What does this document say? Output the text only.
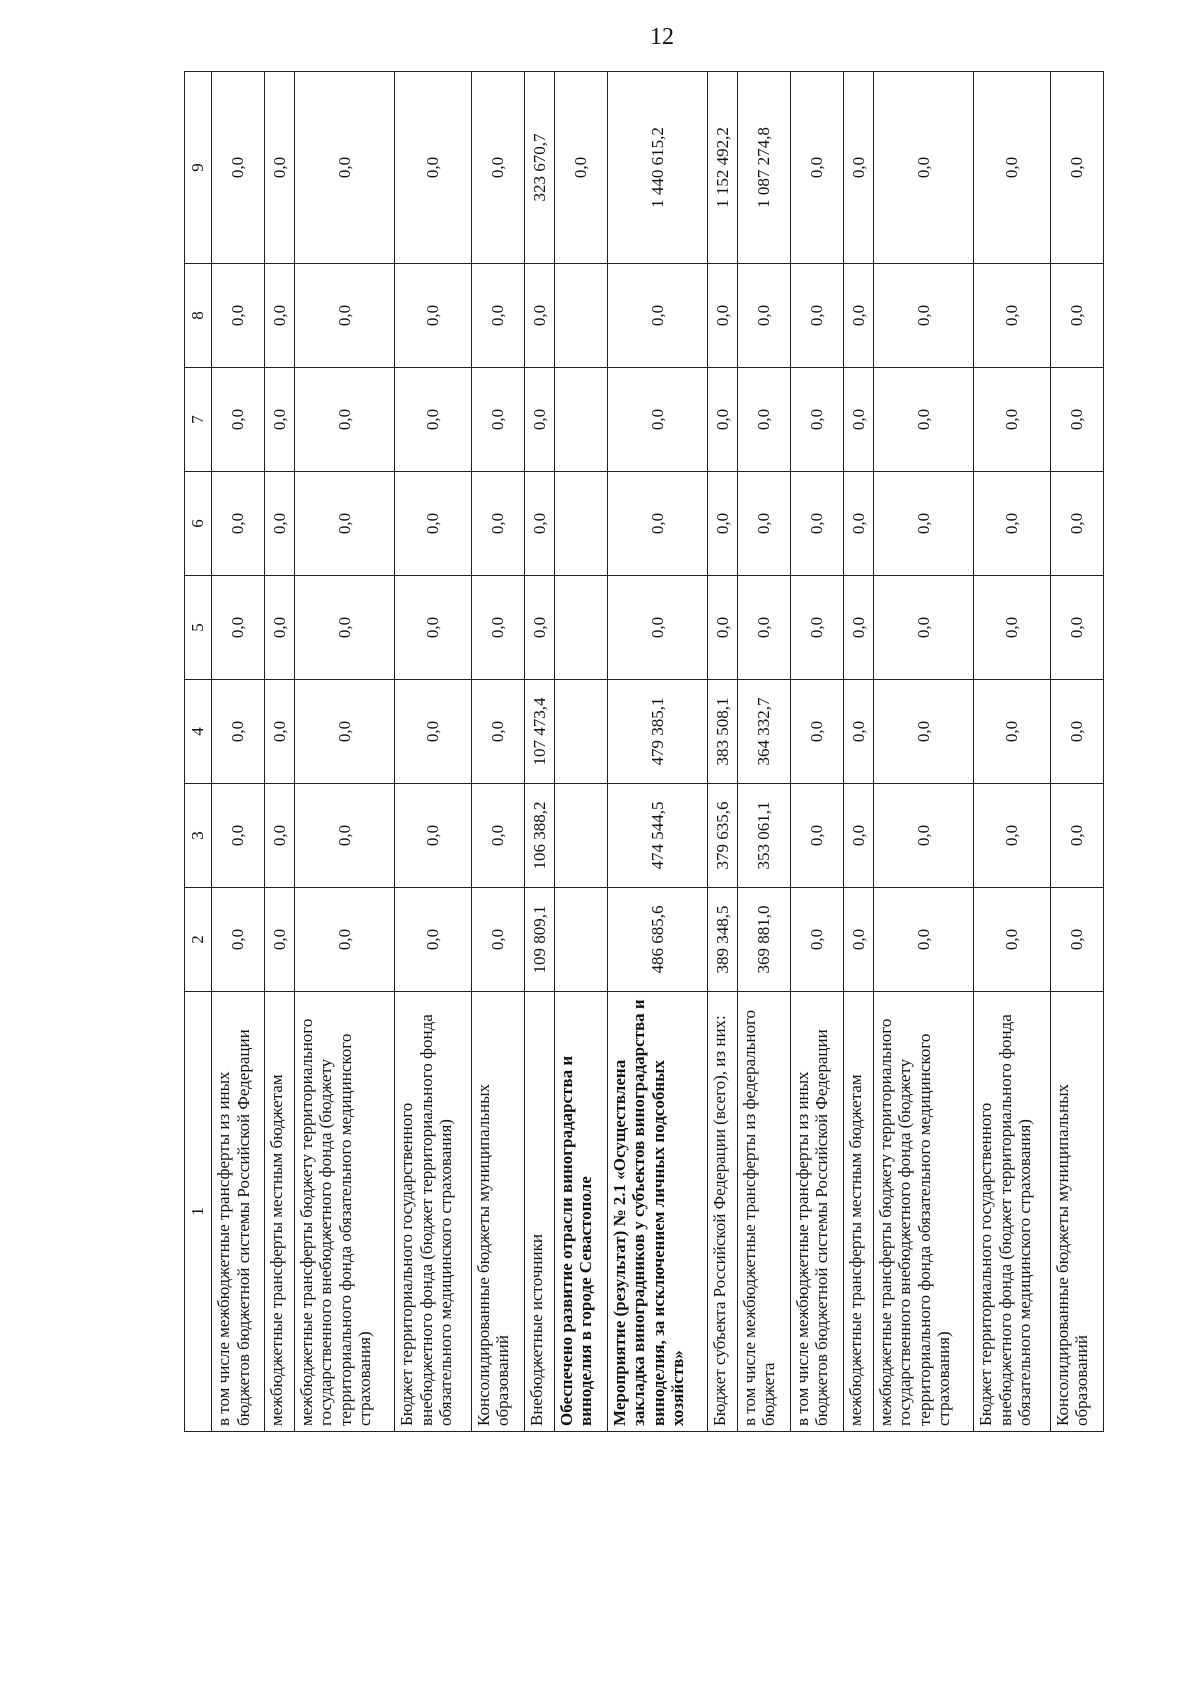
12
1	2	3	4	5	6	7	8	9
в том числе межбюджетные трансферты из иных бюджетов бюджетной системы Российской Федерации	0,0	0,0	0,0	0,0	0,0	0,0	0,0	0,0
межбюджетные трансферты местным бюджетам	0,0	0,0	0,0	0,0	0,0	0,0	0,0	0,0
межбюджетные трансферты бюджету территориального государственного внебюджетного фонда (бюджету территориального фонда обязательного медицинского страхования)	0,0	0,0	0,0	0,0	0,0	0,0	0,0	0,0
Бюджет территориального государственного внебюджетного фонда (бюджет территориального фонда обязательного медицинского страхования)	0,0	0,0	0,0	0,0	0,0	0,0	0,0	0,0
Консолидированные бюджеты муниципальных образований	0,0	0,0	0,0	0,0	0,0	0,0	0,0	0,0
Внебюджетные источники	109 809,1	106 388,2	107 473,4	0,0	0,0	0,0	0,0	323 670,7
Обеспечено развитие отрасли виноградарства и виноделия в городе Севастополе								0,0
Мероприятие (результат) № 2.1 «Осуществлена закладка виноградников у субъектов виноградарства и виноделия, за исключением личных подсобных хозяйств»	486 685,6	474 544,5	479 385,1	0,0	0,0	0,0	0,0	1 440 615,2
Бюджет субъекта Российской Федерации (всего), из них:	389 348,5	379 635,6	383 508,1	0,0	0,0	0,0	0,0	1 152 492,2
в том числе межбюджетные трансферты из федерального бюджета	369 881,0	353 061,1	364 332,7	0,0	0,0	0,0	0,0	1 087 274,8
в том числе межбюджетные трансферты из иных бюджетов бюджетной системы Российской Федерации	0,0	0,0	0,0	0,0	0,0	0,0	0,0	0,0
межбюджетные трансферты местным бюджетам	0,0	0,0	0,0	0,0	0,0	0,0	0,0	0,0
межбюджетные трансферты бюджету территориального государственного внебюджетного фонда (бюджету территориального фонда обязательного медицинского страхования)	0,0	0,0	0,0	0,0	0,0	0,0	0,0	0,0
Бюджет территориального государственного внебюджетного фонда (бюджет территориального фонда обязательного медицинского страхования)	0,0	0,0	0,0	0,0	0,0	0,0	0,0	0,0
Консолидированные бюджеты муниципальных образований	0,0	0,0	0,0	0,0	0,0	0,0	0,0	0,0
